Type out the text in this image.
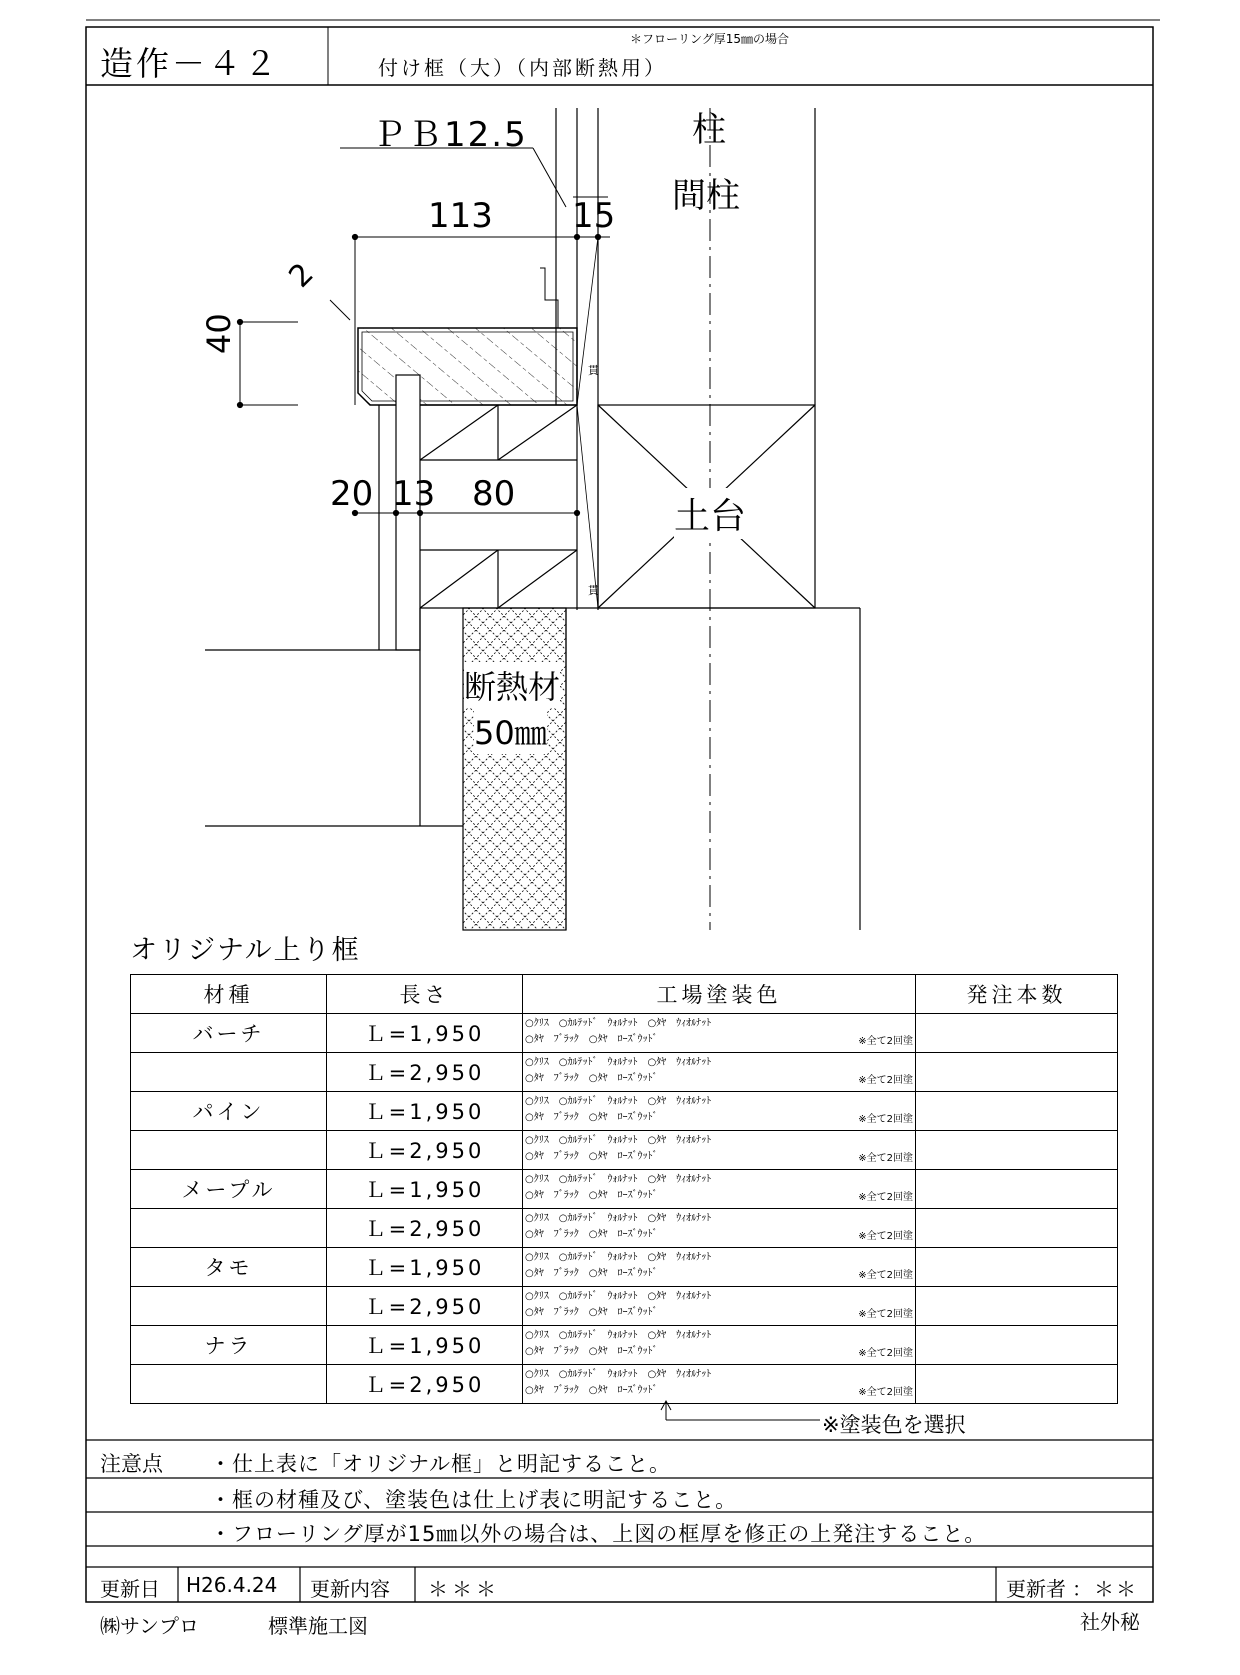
造作－４２	付け框（大）（内部断熱用）
＊フローリング厚15㎜の場合
ＰＢ12.5	柱
間柱
113 15
2
40
貫
貫
20 13 80
土台
断熱材
50㎜
オリジナル上り框
材種	長さ	工場塗装色	発注本数
バーチ	Ｌ=1,950	○ｸﾘｽ　○ｶﾙﾃｯﾄﾞ　ｳｫﾙﾅｯﾄ　○ﾀﾔ　ｳｨｵﾙﾅｯﾄ
○ﾀﾔ　ﾌﾞﾗｯｸ　○ﾀﾔ　ﾛｰｽﾞｳｯﾄﾞ ※全て2回塗	

	Ｌ=2,950	○ｸﾘｽ　○ｶﾙﾃｯﾄﾞ　ｳｫﾙﾅｯﾄ　○ﾀﾔ　ｳｨｵﾙﾅｯﾄ
○ﾀﾔ　ﾌﾞﾗｯｸ　○ﾀﾔ　ﾛｰｽﾞｳｯﾄﾞ ※全て2回塗	

パイン	Ｌ=1,950	○ｸﾘｽ　○ｶﾙﾃｯﾄﾞ　ｳｫﾙﾅｯﾄ　○ﾀﾔ　ｳｨｵﾙﾅｯﾄ
○ﾀﾔ　ﾌﾞﾗｯｸ　○ﾀﾔ　ﾛｰｽﾞｳｯﾄﾞ ※全て2回塗	

	Ｌ=2,950	○ｸﾘｽ　○ｶﾙﾃｯﾄﾞ　ｳｫﾙﾅｯﾄ　○ﾀﾔ　ｳｨｵﾙﾅｯﾄ
○ﾀﾔ　ﾌﾞﾗｯｸ　○ﾀﾔ　ﾛｰｽﾞｳｯﾄﾞ ※全て2回塗	

メープル	Ｌ=1,950	○ｸﾘｽ　○ｶﾙﾃｯﾄﾞ　ｳｫﾙﾅｯﾄ　○ﾀﾔ　ｳｨｵﾙﾅｯﾄ
○ﾀﾔ　ﾌﾞﾗｯｸ　○ﾀﾔ　ﾛｰｽﾞｳｯﾄﾞ ※全て2回塗	

	Ｌ=2,950	○ｸﾘｽ　○ｶﾙﾃｯﾄﾞ　ｳｫﾙﾅｯﾄ　○ﾀﾔ　ｳｨｵﾙﾅｯﾄ
○ﾀﾔ　ﾌﾞﾗｯｸ　○ﾀﾔ　ﾛｰｽﾞｳｯﾄﾞ ※全て2回塗	

タモ	Ｌ=1,950	○ｸﾘｽ　○ｶﾙﾃｯﾄﾞ　ｳｫﾙﾅｯﾄ　○ﾀﾔ　ｳｨｵﾙﾅｯﾄ
○ﾀﾔ　ﾌﾞﾗｯｸ　○ﾀﾔ　ﾛｰｽﾞｳｯﾄﾞ ※全て2回塗	

	Ｌ=2,950	○ｸﾘｽ　○ｶﾙﾃｯﾄﾞ　ｳｫﾙﾅｯﾄ　○ﾀﾔ　ｳｨｵﾙﾅｯﾄ
○ﾀﾔ　ﾌﾞﾗｯｸ　○ﾀﾔ　ﾛｰｽﾞｳｯﾄﾞ ※全て2回塗	

ナラ	Ｌ=1,950	○ｸﾘｽ　○ｶﾙﾃｯﾄﾞ　ｳｫﾙﾅｯﾄ　○ﾀﾔ　ｳｨｵﾙﾅｯﾄ
○ﾀﾔ　ﾌﾞﾗｯｸ　○ﾀﾔ　ﾛｰｽﾞｳｯﾄﾞ ※全て2回塗	

	Ｌ=2,950	○ｸﾘｽ　○ｶﾙﾃｯﾄﾞ　ｳｫﾙﾅｯﾄ　○ﾀﾔ　ｳｨｵﾙﾅｯﾄ
○ﾀﾔ　ﾌﾞﾗｯｸ　○ﾀﾔ　ﾛｰｽﾞｳｯﾄﾞ ※全て2回塗	

※塗装色を選択
注意点 ・仕上表に「オリジナル框」と明記すること。
・框の材種及び、塗装色は仕上げ表に明記すること。
・フローリング厚が15㎜以外の場合は、上図の框厚を修正の上発注すること。
更新日 H26.4.24 更新内容 ＊＊＊	更新者 ：＊＊
㈱サンプロ	標準施工図	社外秘
